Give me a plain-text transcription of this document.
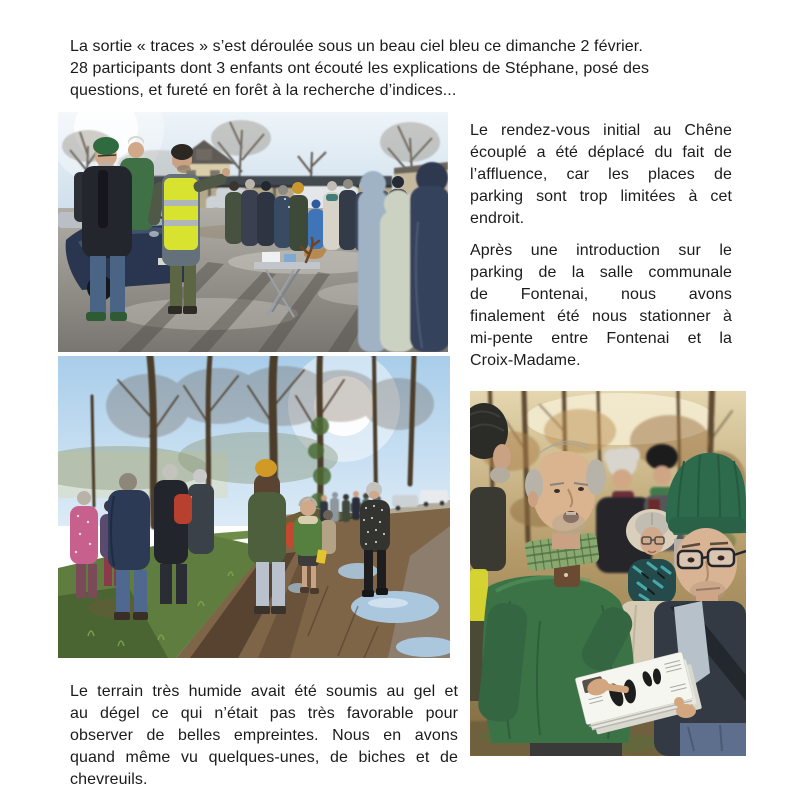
La sortie « traces » s’est déroulée sous un beau ciel bleu ce dimanche 2 février.
28 participants dont 3 enfants ont écouté les explications de Stéphane, posé des
questions, et fureté en forêt à la recherche d’indices...
Le rendez-vous initial au Chêne
écouplé a été déplacé du fait de
l’affluence, car les places de
parking sont trop limitées à cet
endroit.
Après une introduction sur le
parking de la salle communale
de Fontenai, nous avons
finalement été nous stationner à
mi-pente entre Fontenai et la
Croix-Madame.
Le terrain très humide avait été soumis au gel et
au dégel ce qui n’était pas très favorable pour
observer de belles empreintes. Nous en avons
quand même vu quelques-unes, de biches et de
chevreuils.
